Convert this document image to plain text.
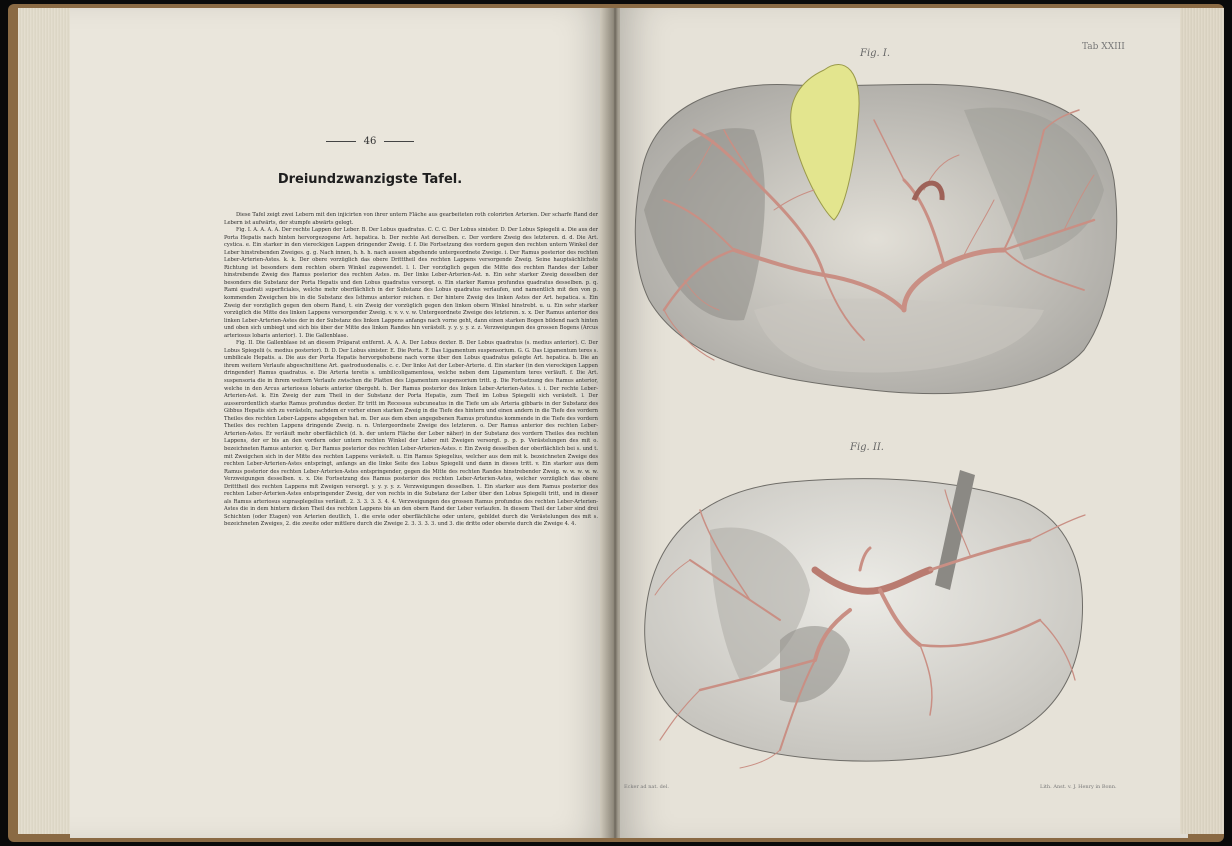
46
Dreiundzwanzigste Tafel.

Diese Tafel zeigt zwei Lebern mit den injicirten von ihrer untern Fläche aus gearbeiteten roth colorirten Arterien. Der scharfe Rand der Lebern ist aufwärts, der stumpfe abwärts gelegt.

Fig. I. A. A. A. A. Der rechte Lappen der Leber. B. Der Lobus quadratus. C. C. C. Der Lobus sinister. D. Der Lobus Spiegelii a. Die aus der Porta Hepatis nach hinten hervorgezogene Art. hepatica. b. Der rechte Ast derselben. c. Der vordere Zweig des letzteren. d. d. Die Art. cystica. e. Ein starker in den viereckigen Lappen dringender Zweig. f. f. Die Fortsetzung des vordern gegen den rechten untern Winkel der Leber hinstrebenden Zweiges. g. g. Nach innen, h. h. h. nach aussen abgehende untergeordnete Zweige. i. Der Ramus posterior des rechten Leber-Arterien-Astes. k. k. Der obere vorzüglich das obere Dritttheil des rechten Lappens versorgende Zweig. Seine hauptsächlichste Richtung ist besonders dem rechten obern Winkel zugewendet. l. l. Der vorzüglich gegen die Mitte des rechten Randes der Leber hinstrebende Zweig des Ramus posterior des rechten Astes. m. Der linke Leber-Arterien-Ast. n. Ein sehr starker Zweig desselben der besonders die Substanz der Porta Hepatis und den Lobus quadratus versorgt. o. Ein starker Ramus profundus quadratus desselben. p. q. Rami quadrati superficiales, welche mehr oberflächlich in der Substanz des Lobus quadratus verlaufen, und namentlich mit den von p. kommenden Zweigchen bis in die Substanz des Isthmus anterior reichen. r. Der hintere Zweig des linken Astes der Art. hepatica. s. Ein Zweig der vorzüglich gegen den obern Rand, t. ein Zweig der vorzüglich gegen den linken obern Winkel hinstrebt. u. u. Ein sehr starker vorzüglich die Mitte des linken Lappens versorgender Zweig. v. v. v. v. w. Untergeordnete Zweige des letzteren. x. x. Der Ramus anterior des linken Leber-Arterien-Astes der in der Substanz des linken Lappens anfangs nach vorne geht, dann einen starken Bogen bildend nach hinten und oben sich umbiegt und sich bis über der Mitte des linken Randes hin verästelt. y. y. y. y. z. z. Verzweigungen des grossen Bogens (Arcus arteriosus lobaris anterior). 1. Die Gallenblase.

Fig. II. Die Gallenblase ist an diesem Präparat entfernt. A. A. A. Der Lobus dexter. B. Der Lobus quadratus (s. medius anterior). C. Der Lobus Spiegelii (s. medius posterior). D. D. Der Lobus sinister. E. Die Porta. F. Das Ligamentum suspensorium. G. G. Das Ligamentum teres s. umbilicale Hepatis. a. Die aus der Porta Hepatis hervorgehobene nach vorne über den Lobus quadratus gelegte Art. hepatica. b. Die an ihrem weitern Verlaufe abgeschnittene Art. gastroduodenalis. c. c. Der linke Ast der Leber-Arterie. d. Ein starker (in den viereckigen Lappen dringender) Ramus quadratus. e. Die Arteria teretis s. umbilicoligamentosa, welche neben dem Ligamentum teres verläuft. f. Die Art. suspensoria die in ihrem weitern Verlaufe zwischen die Platten des Ligamentum suspensorium tritt. g. Die Fortsetzung des Ramus anterior, welche in den Arcus arteriosus lobaris anterior übergeht. h. Der Ramus posterior des linken Leber-Arterien-Astes. i. i. Der rechte Leber-Arterien-Ast. k. Ein Zweig der zum Theil in der Substanz der Porta Hepatis, zum Theil im Lobus Spiegelii sich verästelt. l. Der ausserordentlich starke Ramus profundus dexter. Er tritt im Recessus subcuneatus in die Tiefe um als Arteria gibbaris in der Substanz des Gibbus Hepatis sich zu verästeln, nachdem er vorher einen starken Zweig in die Tiefe des hintern und einen andern in die Tiefe des vordern Theiles des rechten Leber-Lappens abgegeben hat. m. Der aus dem eben angegebenen Ramus profundus kommende in die Tiefe des vordern Theiles des rechten Lappens dringende Zweig. n. n. Untergeordnete Zweige des letzteren. o. Der Ramus anterior des rechten Leber-Arterien-Astes. Er verläuft mehr oberflächlich (d. h. der untern Fläche der Leber näher) in der Substanz des vordern Theiles des rechten Lappens, der er bis an den vordern oder untern rechten Winkel der Leber mit Zweigen versorgt. p. p. p. Verästelungen des mit o. bezeichneten Ramus anterior. q. Der Ramus posterior des rechten Leber-Arterien-Astes. r. Ein Zweig desselben der oberflächlich bei s. und t. mit Zweigchen sich in der Mitte des rechten Lappens verästelt. u. Ein Ramus Spiegelius, welcher aus dem mit k. bezeichneten Zweige des rechten Leber-Arterien-Astes entspringt, anfangs an die linke Seite des Lobus Spiegelii und dann in dieses tritt. v. Ein starker aus dem Ramus posterior des rechten Leber-Arterien-Astes entspringender, gegen die Mitte des rechten Randes hinstrebender Zweig. w. w. w. w. w. Verzweigungen desselben. x. x. Die Fortsetzung des Ramus posterior des rechten Leber-Arterien-Astes, welcher vorzüglich das obere Dritttheil des rechten Lappens mit Zweigen versorgt. y. y. y. y. z. Verzweigungen desselben. 1. Ein starker aus dem Ramus posterior des rechten Leber-Arterien-Astes entspringender Zweig, der von rechts in die Substanz der Leber über den Lobus Spiegelii tritt, und in dieser als Ramus arteriosus suprasplegelius verläuft. 2. 3. 3. 3. 3. 4. 4. Verzweigungen des grossen Ramus profundus des rechten Leber-Arterien-Astes die in dem hintern dicken Theil des rechten Lappens bis an den obern Rand der Leber verlaufen. In diesem Theil der Leber sind drei Schichten (oder Etagen) von Arterien deutlich, 1. die erste oder oberflächliche oder untere, gebildet durch die Verästelungen des mit s. bezeichneten Zweiges, 2. die zweite oder mittlere durch die Zweige 2. 3. 3. 3. 3. und 3. die dritte oder oberste durch die Zweige 4. 4.

Tab XXIII
Fig. I.
Fig. II.
Ecker ad nat. del.	Lith. Anst. v. J. Henry in Bonn.
